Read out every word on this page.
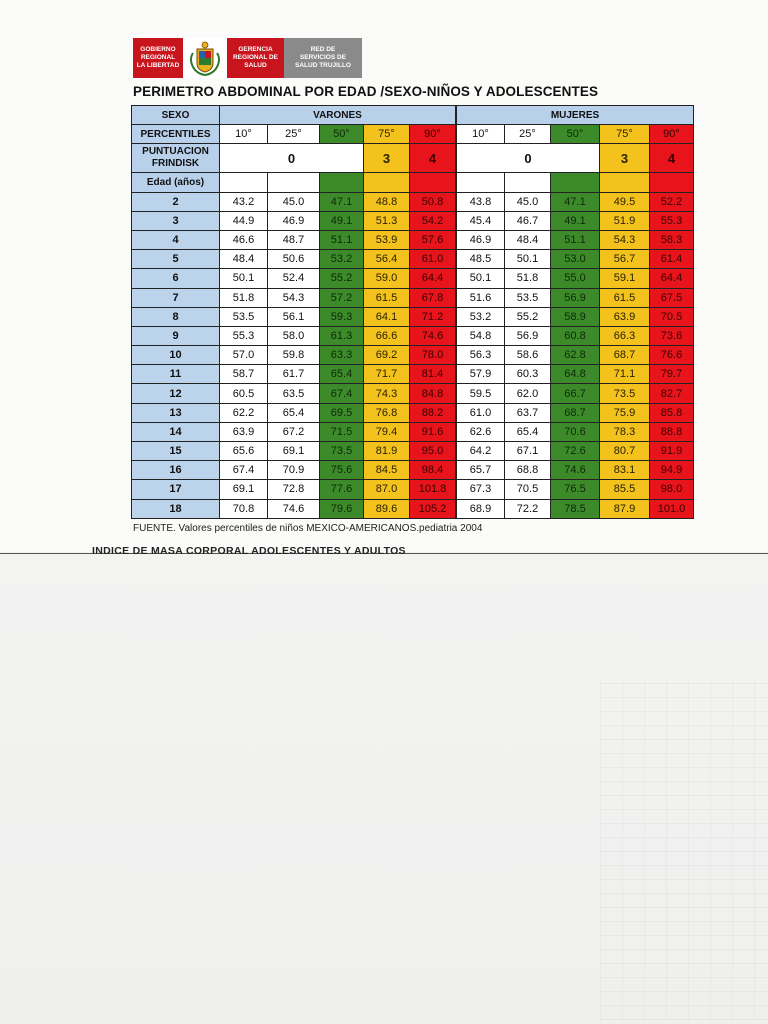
GOBIERNO
REGIONAL
LA LIBERTAD
GERENCIA
REGIONAL DE
SALUD
RED DE
SERVICIOS DE
SALUD TRUJILLO
PERIMETRO ABDOMINAL POR EDAD /SEXO-NIÑOS Y ADOLESCENTES
SEXO	VARONES					MUJERES				
PERCENTILES	10°	25°	50°	75°	90°		10°	25°	50°	75°	90°
PUNTUACION
FRINDISK	0			3	4		0			3	4
Edad (años)											
2	43.2	45.0	47.1	48.8	50.8		43.8	45.0	47.1	49.5	52.2
3	44.9	46.9	49.1	51.3	54.2		45.4	46.7	49.1	51.9	55.3
4	46.6	48.7	51.1	53.9	57.6		46.9	48.4	51.1	54.3	58.3
5	48.4	50.6	53.2	56.4	61.0		48.5	50.1	53.0	56.7	61.4
6	50.1	52.4	55.2	59.0	64.4		50.1	51.8	55.0	59.1	64.4
7	51.8	54.3	57.2	61.5	67.8		51.6	53.5	56.9	61.5	67.5
8	53.5	56.1	59.3	64.1	71.2		53.2	55.2	58.9	63.9	70.5
9	55.3	58.0	61.3	66.6	74.6		54.8	56.9	60.8	66.3	73.6
10	57.0	59.8	63.3	69.2	78.0		56.3	58.6	62.8	68.7	76.6
11	58.7	61.7	65.4	71.7	81.4		57.9	60.3	64.8	71.1	79.7
12	60.5	63.5	67.4	74.3	84.8		59.5	62.0	66.7	73.5	82.7
13	62.2	65.4	69.5	76.8	88.2		61.0	63.7	68.7	75.9	85.8
14	63.9	67.2	71.5	79.4	91.6		62.6	65.4	70.6	78.3	88.8
15	65.6	69.1	73.5	81.9	95.0		64.2	67.1	72.6	80.7	91.9
16	67.4	70.9	75.6	84.5	98.4		65.7	68.8	74.6	83.1	94.9
17	69.1	72.8	77.6	87.0	101.8		67.3	70.5	76.5	85.5	98.0
18	70.8	74.6	79.6	89.6	105.2		68.9	72.2	78.5	87.9	101.0
FUENTE. Valores percentiles de niños MEXICO-AMERICANOS.pediatria 2004
INDICE DE MASA CORPORAL ADOLESCENTES Y ADULTOS
